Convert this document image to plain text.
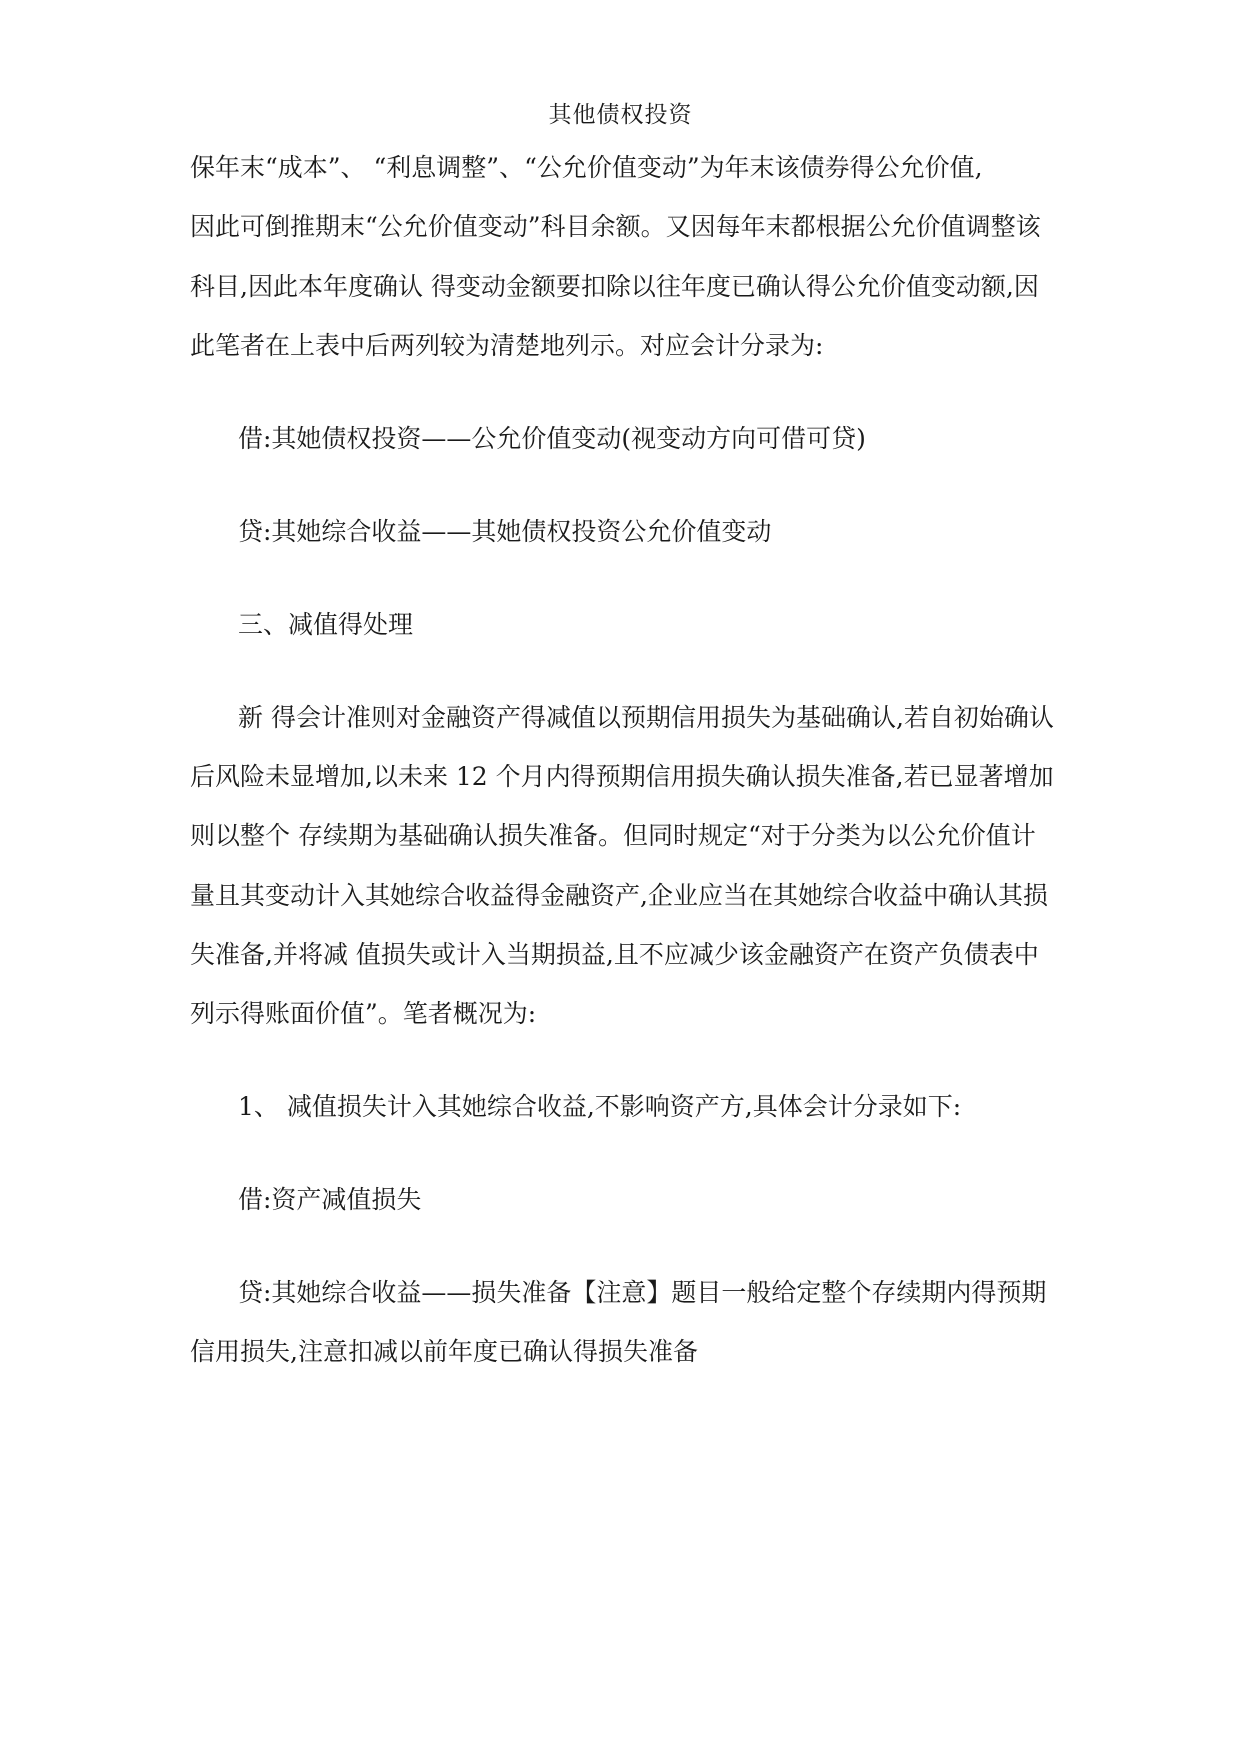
其他债权投资
保年末“成本”、 “利息调整”、“公允价值变动”为年末该债券得公允价值,
因此可倒推期末“公允价值变动”科目余额。又因每年末都根据公允价值调整该
科目,因此本年度确认 得变动金额要扣除以往年度已确认得公允价值变动额,因
此笔者在上表中后两列较为清楚地列示。对应会计分录为:
借:其她债权投资——公允价值变动(视变动方向可借可贷)
贷:其她综合收益——其她债权投资公允价值变动
三、减值得处理
新 得会计准则对金融资产得减值以预期信用损失为基础确认,若自初始确认
后风险未显增加,以未来 12 个月内得预期信用损失确认损失准备,若已显著增加
则以整个 存续期为基础确认损失准备。但同时规定“对于分类为以公允价值计
量且其变动计入其她综合收益得金融资产,企业应当在其她综合收益中确认其损
失准备,并将减 值损失或计入当期损益,且不应减少该金融资产在资产负债表中
列示得账面价值”。笔者概况为:
1、 减值损失计入其她综合收益,不影响资产方,具体会计分录如下:
借:资产减值损失
贷:其她综合收益——损失准备【注意】题目一般给定整个存续期内得预期
信用损失,注意扣减以前年度已确认得损失准备
